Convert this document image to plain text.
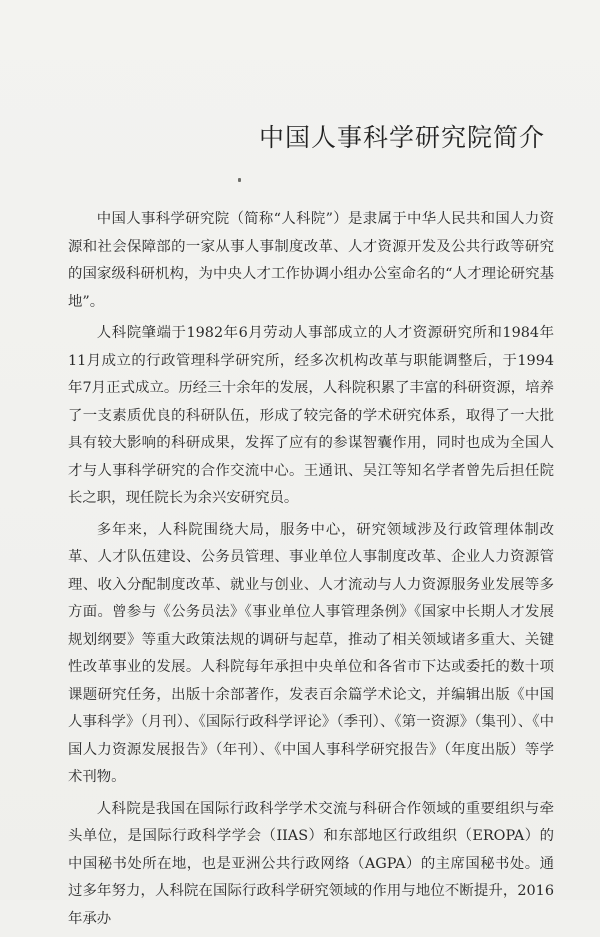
中国人事科学研究院简介

中国人事科学研究院（简称“人科院”）是隶属于中华人民共和国人力资源和社会保障部的一家从事人事制度改革、人才资源开发及公共行政等研究的国家级科研机构，为中央人才工作协调小组办公室命名的“人才理论研究基地”。

人科院肇端于1982年6月劳动人事部成立的人才资源研究所和1984年11月成立的行政管理科学研究所，经多次机构改革与职能调整后，于1994年7月正式成立。历经三十余年的发展，人科院积累了丰富的科研资源，培养了一支素质优良的科研队伍，形成了较完备的学术研究体系，取得了一大批具有较大影响的科研成果，发挥了应有的参谋智囊作用，同时也成为全国人才与人事科学研究的合作交流中心。王通讯、吴江等知名学者曾先后担任院长之职，现任院长为余兴安研究员。

多年来，人科院围绕大局，服务中心，研究领域涉及行政管理体制改革、人才队伍建设、公务员管理、事业单位人事制度改革、企业人力资源管理、收入分配制度改革、就业与创业、人才流动与人力资源服务业发展等多方面。曾参与《公务员法》《事业单位人事管理条例》《国家中长期人才发展规划纲要》等重大政策法规的调研与起草，推动了相关领域诸多重大、关键性改革事业的发展。人科院每年承担中央单位和各省市下达或委托的数十项课题研究任务，出版十余部著作，发表百余篇学术论文，并编辑出版《中国人事科学》（月刊）、《国际行政科学评论》（季刊）、《第一资源》（集刊）、《中国人力资源发展报告》（年刊）、《中国人事科学研究报告》（年度出版）等学术刊物。

人科院是我国在国际行政科学学术交流与科研合作领域的重要组织与牵头单位，是国际行政科学学会（IIAS）和东部地区行政组织（EROPA）的中国秘书处所在地，也是亚洲公共行政网络（AGPA）的主席国秘书处。通过多年努力，人科院在国际行政科学研究领域的作用与地位不断提升，2016年承办
